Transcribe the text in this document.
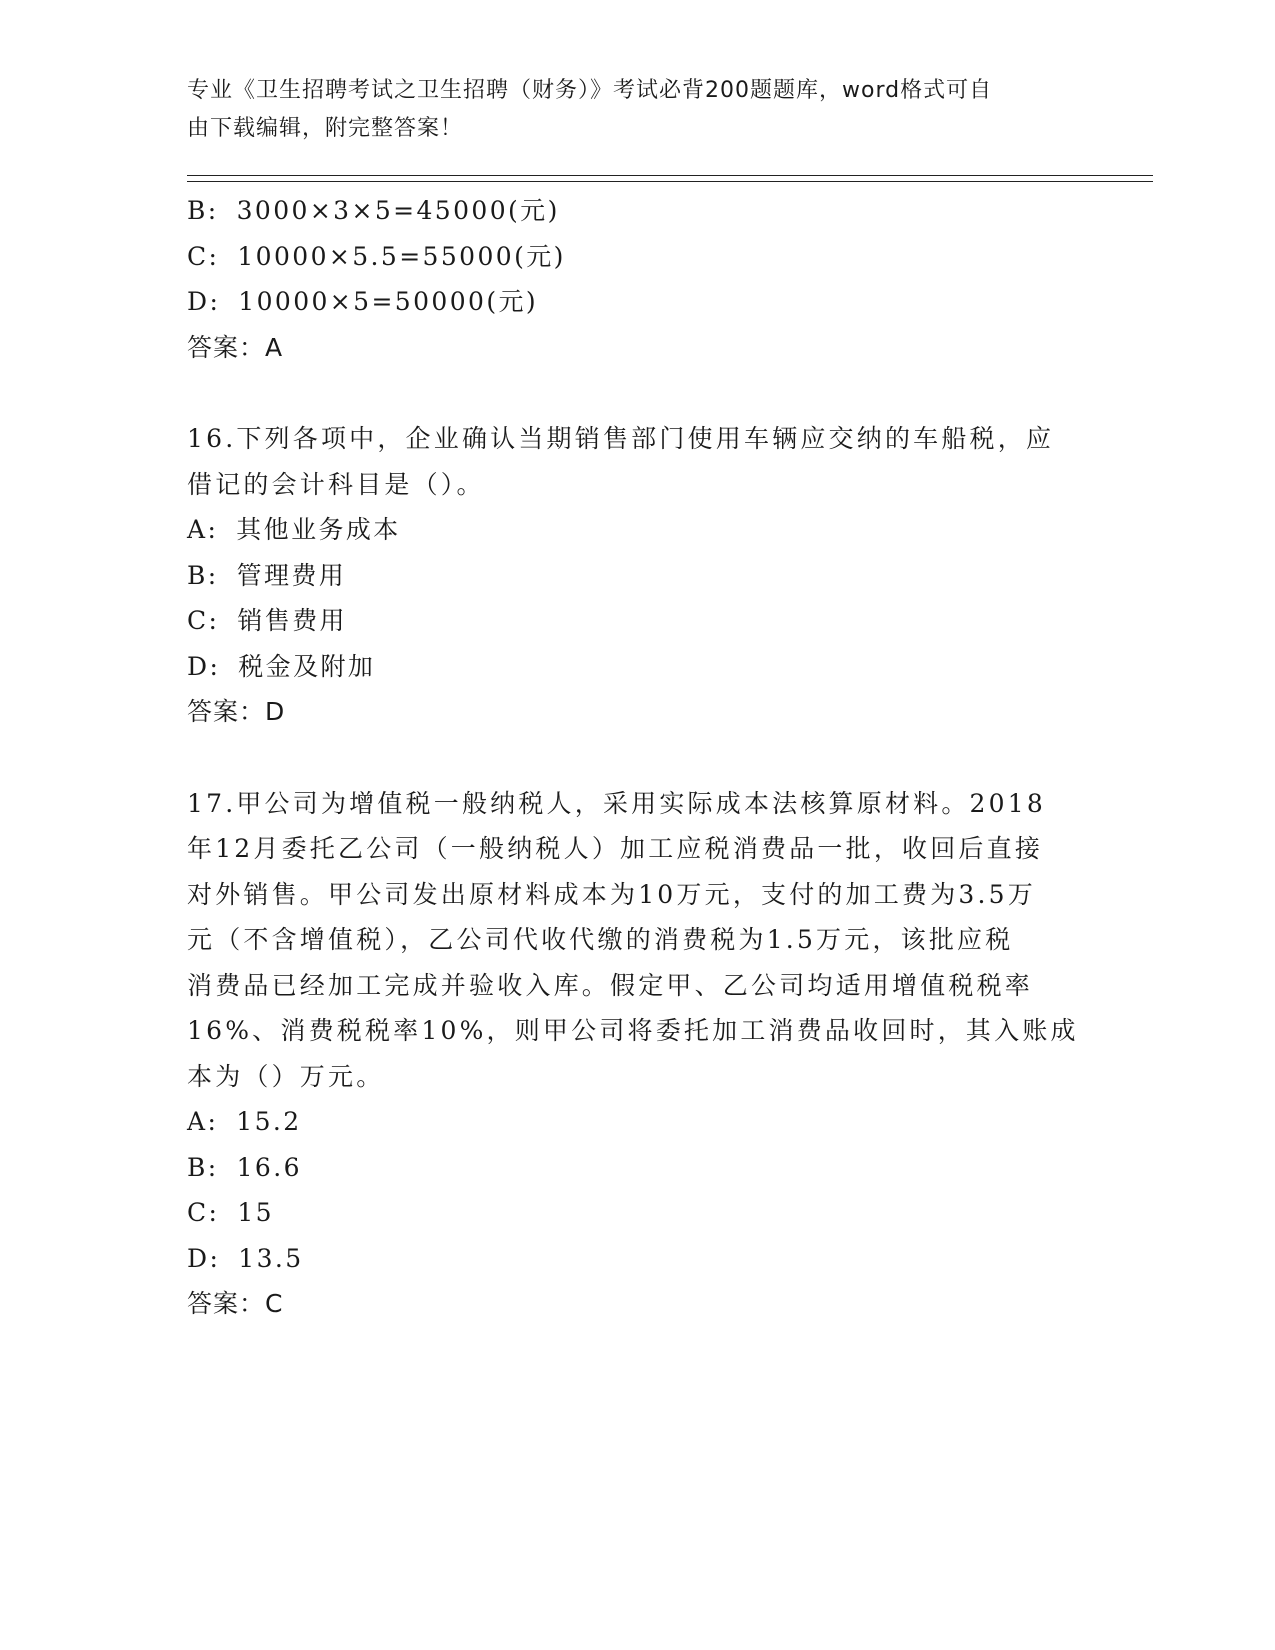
专业《卫生招聘考试之卫生招聘（财务）》考试必背200题题库，word格式可自
由下载编辑，附完整答案！
B: 3000×3×5=45000(元)
C: 10000×5.5=55000(元)
D: 10000×5=50000(元)
答案：A
16.下列各项中，企业确认当期销售部门使用车辆应交纳的车船税，应
借记的会计科目是（）。
A: 其他业务成本
B: 管理费用
C: 销售费用
D: 税金及附加
答案：D
17.甲公司为增值税一般纳税人，采用实际成本法核算原材料。2018
年12月委托乙公司（一般纳税人）加工应税消费品一批，收回后直接
对外销售。甲公司发出原材料成本为10万元，支付的加工费为3.5万
元（不含增值税），乙公司代收代缴的消费税为1.5万元，该批应税
消费品已经加工完成并验收入库。假定甲、乙公司均适用增值税税率
16%、消费税税率10%，则甲公司将委托加工消费品收回时，其入账成
本为（）万元。
A: 15.2
B: 16.6
C: 15
D: 13.5
答案：C
